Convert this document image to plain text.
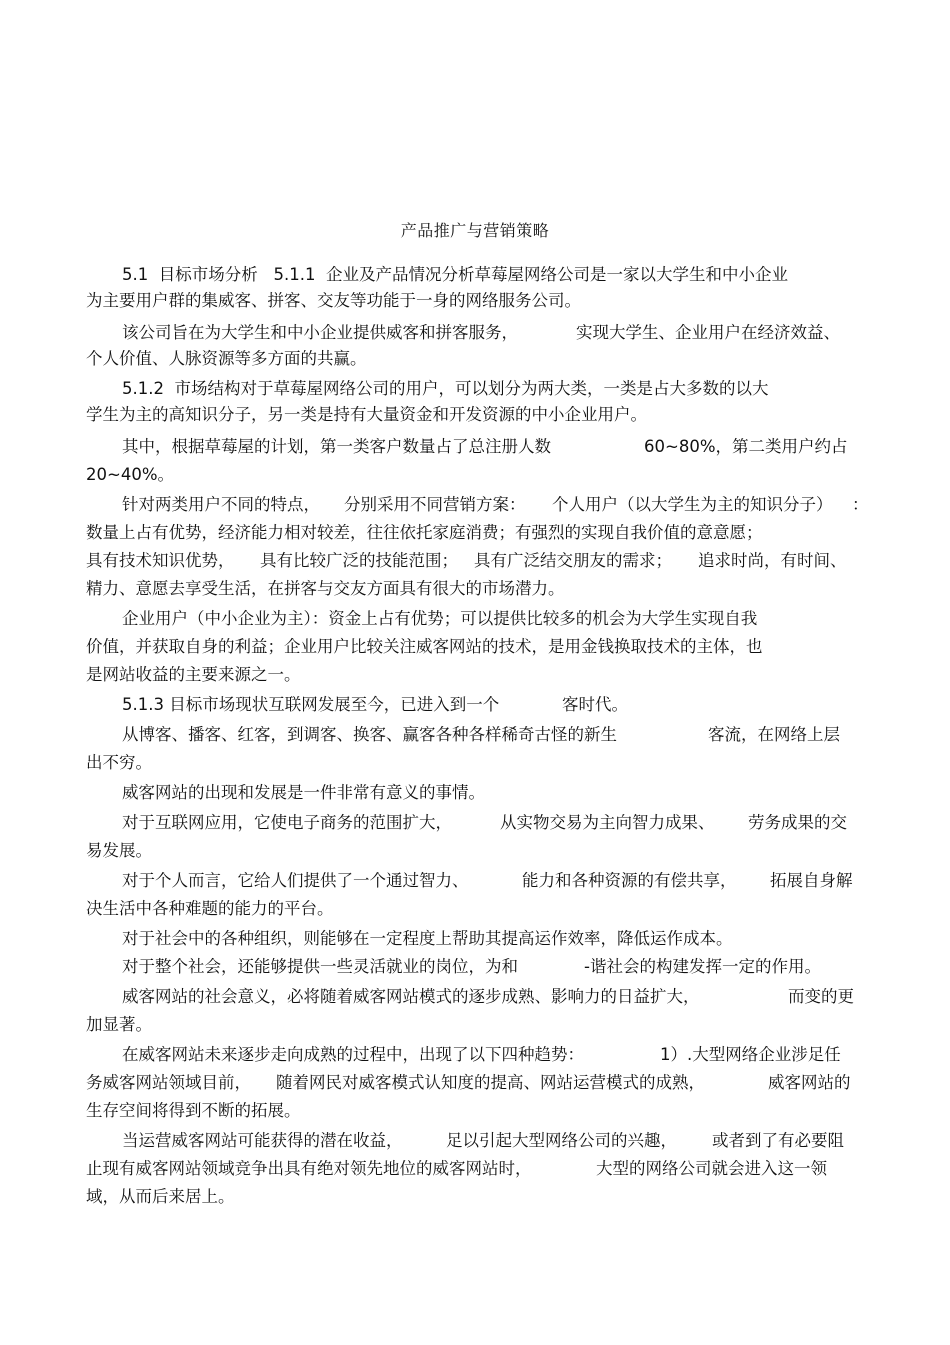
产品推广与营销策略
5.1  目标市场分析   5.1.1  企业及产品情况分析草莓屋网络公司是一家以大学生和中小企业
为主要用户群的集威客、拼客、交友等功能于一身的网络服务公司。
该公司旨在为大学生和中小企业提供威客和拼客服务，	实现大学生、企业用户在经济效益、
个人价值、人脉资源等多方面的共赢。
5.1.2  市场结构对于草莓屋网络公司的用户，可以划分为两大类，一类是占大多数的以大
学生为主的高知识分子，另一类是持有大量资金和开发资源的中小企业用户。
其中，根据草莓屋的计划，第一类客户数量占了总注册人数	60~80%，第二类用户约占
20~40%。
针对两类用户不同的特点， 分别采用不同营销方案： 个人用户（以大学生为主的知识分子） ：
数量上占有优势，经济能力相对较差，往往依托家庭消费；有强烈的实现自我价值的意意愿；
具有技术知识优势， 具有比较广泛的技能范围； 具有广泛结交朋友的需求； 追求时尚，有时间、
精力、意愿去享受生活，在拼客与交友方面具有很大的市场潜力。
企业用户（中小企业为主）：资金上占有优势；可以提供比较多的机会为大学生实现自我
价值，并获取自身的利益；企业用户比较关注威客网站的技术，是用金钱换取技术的主体，也
是网站收益的主要来源之一。
5.1.3 目标市场现状互联网发展至今，已进入到一个	客时代。
从博客、播客、红客，到调客、换客、赢客各种各样稀奇古怪的新生	客流，在网络上层
出不穷。
威客网站的出现和发展是一件非常有意义的事情。
对于互联网应用，它使电子商务的范围扩大，	从实物交易为主向智力成果、 劳务成果的交
易发展。
对于个人而言，它给人们提供了一个通过智力、	能力和各种资源的有偿共享， 拓展自身解
决生活中各种难题的能力的平台。
对于社会中的各种组织，则能够在一定程度上帮助其提高运作效率，降低运作成本。
对于整个社会，还能够提供一些灵活就业的岗位，为和	-谐社会的构建发挥一定的作用。
威客网站的社会意义，必将随着威客网站模式的逐步成熟、影响力的日益扩大，	而变的更
加显著。
在威客网站未来逐步走向成熟的过程中，出现了以下四种趋势：	1）.大型网络企业涉足任
务威客网站领域目前， 随着网民对威客模式认知度的提高、网站运营模式的成熟，	威客网站的
生存空间将得到不断的拓展。
当运营威客网站可能获得的潜在收益，	足以引起大型网络公司的兴趣， 或者到了有必要阻
止现有威客网站领域竞争出具有绝对领先地位的威客网站时，	大型的网络公司就会进入这一领
域，从而后来居上。
